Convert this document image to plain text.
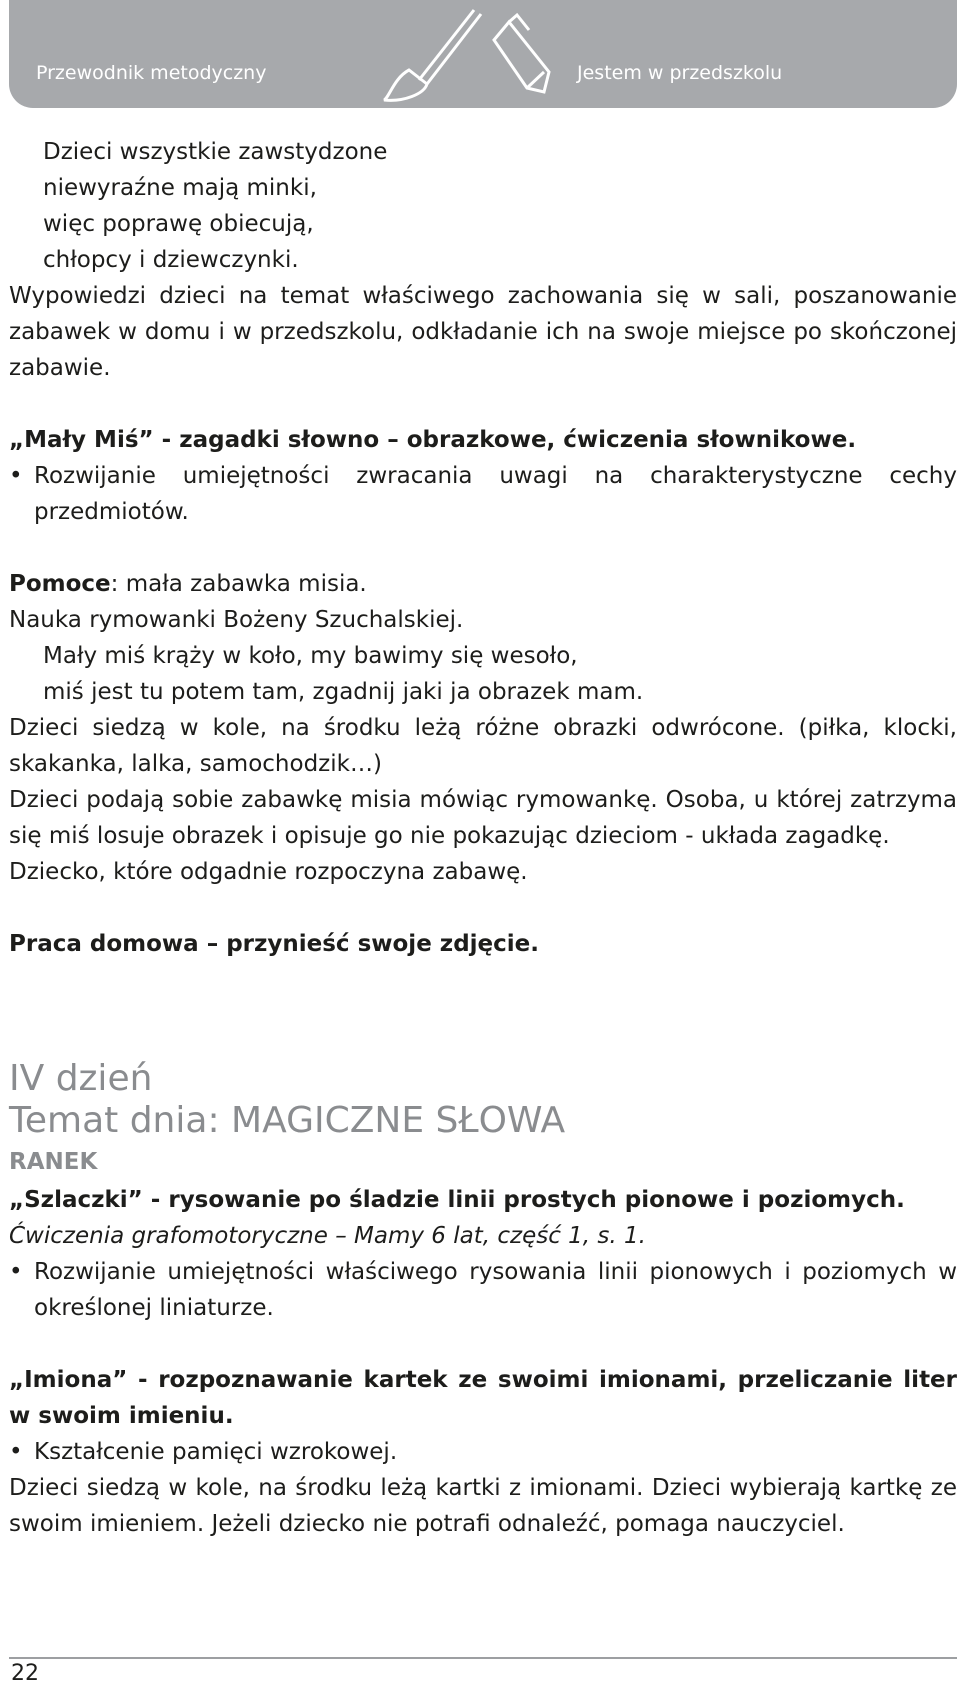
Przewodnik metodyczny	Jestem w przedszkolu

Dzieci wszystkie zawstydzone

niewyraźne mają minki,

więc poprawę obiecują,

chłopcy i dziewczynki.

Wypowiedzi dzieci na temat właściwego zachowania się w sali, poszanowanie zabawek w domu i w przedszkolu, odkładanie ich na swoje miejsce po skończonej zabawie.

„Mały Miś” - zagadki słowno – obrazkowe, ćwiczenia słownikowe.

• Rozwijanie umiejętności zwracania uwagi na charakterystyczne cechy przedmiotów.

Pomoce: mała zabawka misia.

Nauka rymowanki Bożeny Szuchalskiej.

Mały miś krąży w koło, my bawimy się wesoło,

miś jest tu potem tam, zgadnij jaki ja obrazek mam.

Dzieci siedzą w kole, na środku leżą różne obrazki odwrócone. (piłka, klocki, skakanka, lalka, samochodzik…)

Dzieci podają sobie zabawkę misia mówiąc rymowankę. Osoba, u której zatrzyma się miś losuje obrazek i opisuje go nie pokazując dzieciom - układa zagadkę.

Dziecko, które odgadnie rozpoczyna zabawę.

Praca domowa – przynieść swoje zdjęcie.

IV dzień

Temat dnia: MAGICZNE SŁOWA

RANEK

„Szlaczki” - rysowanie po śladzie linii prostych pionowe i poziomych.

Ćwiczenia grafomotoryczne – Mamy 6 lat, część 1, s. 1.

• Rozwijanie umiejętności właściwego rysowania linii pionowych i poziomych w określonej liniaturze.

„Imiona” - rozpoznawanie kartek ze swoimi imionami, przeliczanie liter w swoim imieniu.

• Kształcenie pamięci wzrokowej.

Dzieci siedzą w kole, na środku leżą kartki z imionami. Dzieci wybierają kartkę ze swoim imieniem. Jeżeli dziecko nie potrafi odnaleźć, pomaga nauczyciel.

22
